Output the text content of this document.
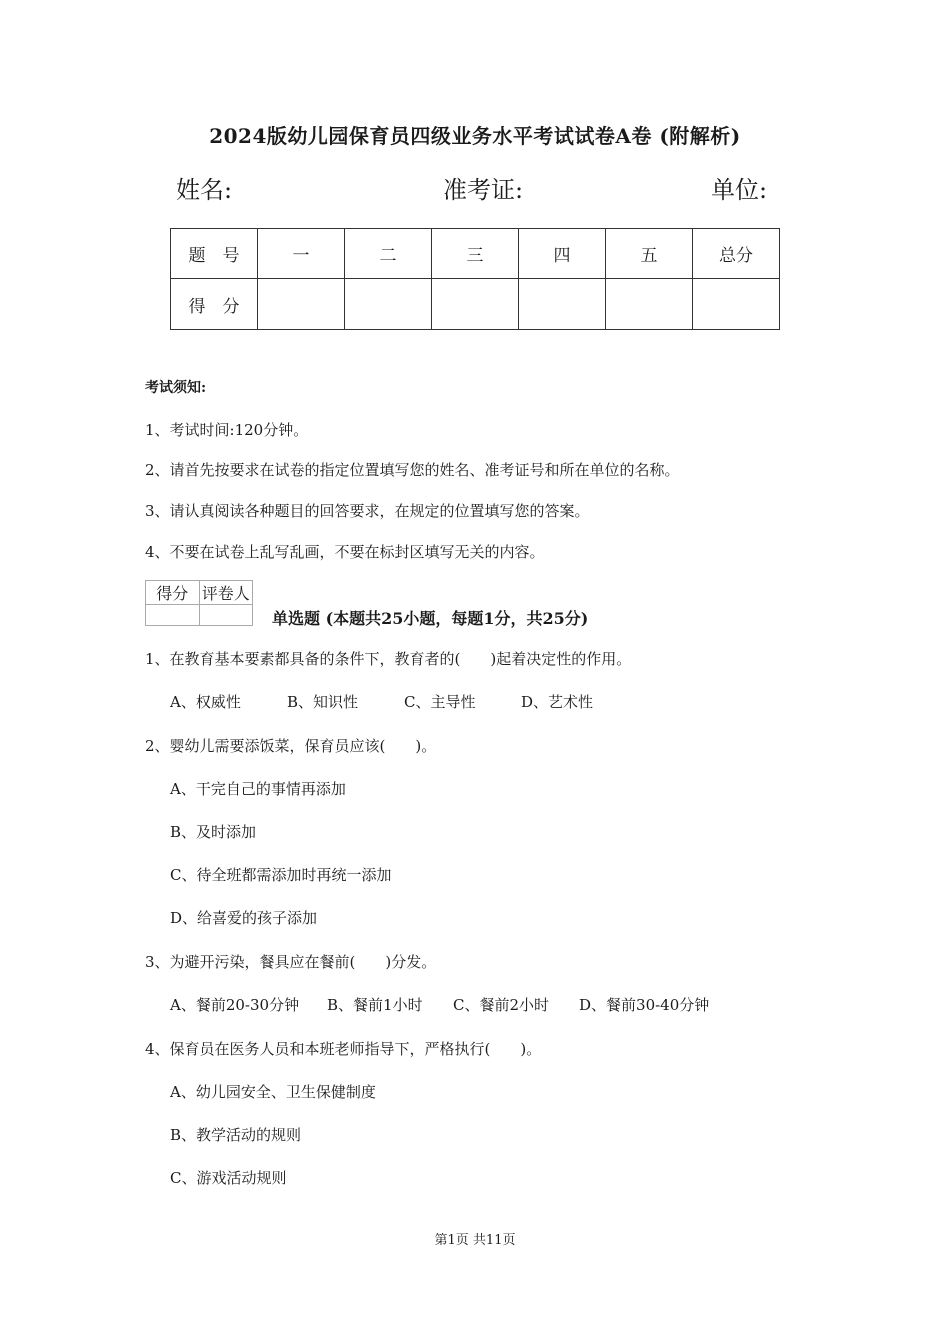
2024版幼儿园保育员四级业务水平考试试卷A卷 (附解析)
姓名:	准考证:	单位:
题　号	一	二	三	四	五	总分
得　分						
考试须知:
1、考试时间:120分钟。
2、请首先按要求在试卷的指定位置填写您的姓名、准考证号和所在单位的名称。
3、请认真阅读各种题目的回答要求，在规定的位置填写您的答案。
4、不要在试卷上乱写乱画，不要在标封区填写无关的内容。
得分	评卷人

单选题 (本题共25小题，每题1分，共25分)
1、在教育基本要素都具备的条件下，教育者的(　　)起着决定性的作用。
A、权威性	B、知识性	C、主导性	D、艺术性
2、婴幼儿需要添饭菜，保育员应该(　　)。
A、干完自己的事情再添加
B、及时添加
C、待全班都需添加时再统一添加
D、给喜爱的孩子添加
3、为避开污染，餐具应在餐前(　　)分发。
A、餐前20-30分钟 B、餐前1小时 C、餐前2小时 D、餐前30-40分钟
4、保育员在医务人员和本班老师指导下，严格执行(　　)。
A、幼儿园安全、卫生保健制度
B、教学活动的规则
C、游戏活动规则
第1页 共11页
